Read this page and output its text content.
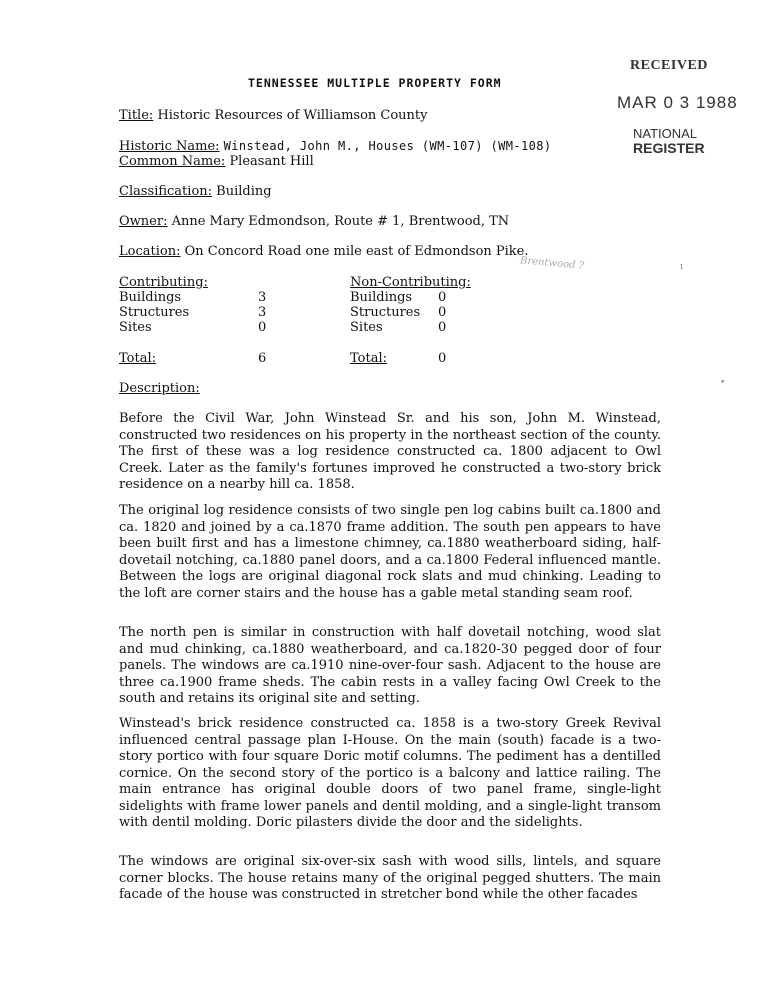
TENNESSEE MULTIPLE PROPERTY FORM
RECEIVED
MAR 0 3 1988
NATIONAL
REGISTER
Title: Historic Resources of Williamson County
Historic Name: Winstead, John M., Houses (WM-107) (WM-108)
Common Name: Pleasant Hill
Classification: Building
Owner: Anne Mary Edmondson, Route # 1, Brentwood, TN
Location: On Concord Road one mile east of Edmondson Pike.
Brentwood ?	ı
•
Contributing:
Buildings
Structures
Sites
Total:
3
3
0
6
Non-Contributing:
Buildings
Structures
Sites
Total:
0
0
0
0
Description:

Before the Civil War, John Winstead Sr. and his son, John M. Winstead, constructed two residences on his property in the northeast section of the county. The first of these was a log residence constructed ca. 1800 adjacent to Owl Creek. Later as the family's fortunes improved he constructed a two-story brick residence on a nearby hill ca. 1858.

The original log residence consists of two single pen log cabins built ca.1800 and ca. 1820 and joined by a ca.1870 frame addition. The south pen appears to have been built first and has a limestone chimney, ca.1880 weatherboard siding, half-dovetail notching, ca.1880 panel doors, and a ca.1800 Federal influenced mantle. Between the logs are original diagonal rock slats and mud chinking. Leading to the loft are corner stairs and the house has a gable metal standing seam roof.

The north pen is similar in construction with half dovetail notching, wood slat and mud chinking, ca.1880 weatherboard, and ca.1820-30 pegged door of four panels. The windows are ca.1910 nine-over-four sash. Adjacent to the house are three ca.1900 frame sheds. The cabin rests in a valley facing Owl Creek to the south and retains its original site and setting.

Winstead's brick residence constructed ca. 1858 is a two-story Greek Revival influenced central passage plan I-House. On the main (south) facade is a two-story portico with four square Doric motif columns. The pediment has a dentilled cornice. On the second story of the portico is a balcony and lattice railing. The main entrance has original double doors of two panel frame, single-light sidelights with frame lower panels and dentil molding, and a single-light transom with dentil molding. Doric pilasters divide the door and the sidelights.

The windows are original six-over-six sash with wood sills, lintels, and square corner blocks. The house retains many of the original pegged shutters. The main facade of the house was constructed in stretcher bond while the other facades
